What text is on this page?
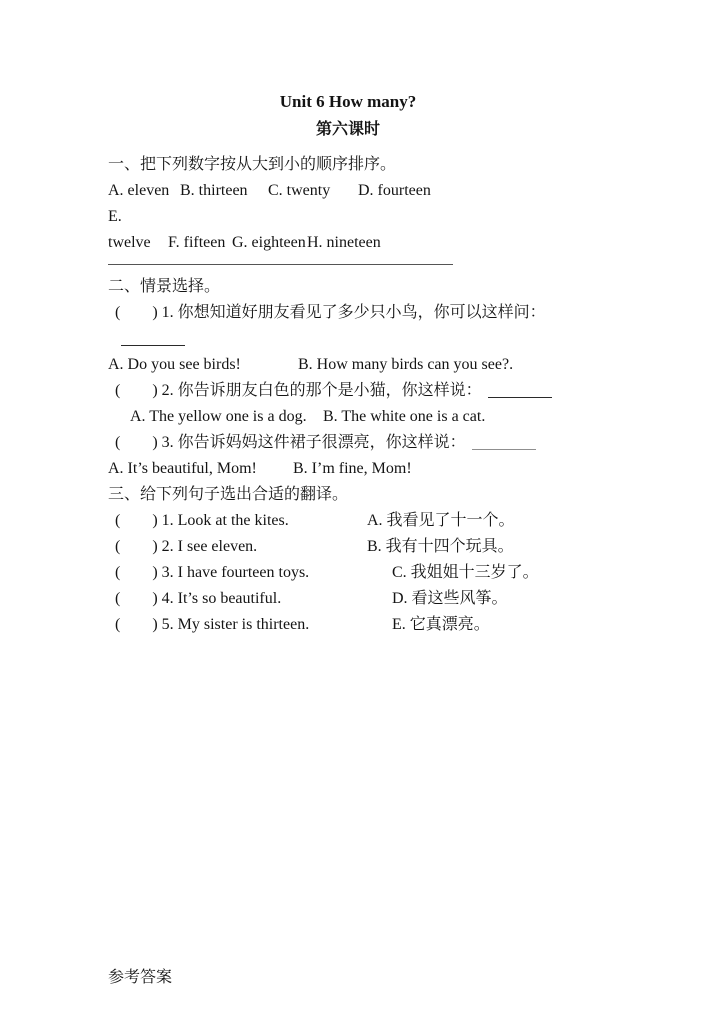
Unit 6 How many?
第六课时

一、把下列数字按从大到小的顺序排序。

A. eleven B. thirteen C. twenty D. fourteen

E. twelve F. fifteen G. eighteenH. nineteen

二、情景选择。

(        ) 1. 你想知道好朋友看见了多少只小鸟，你可以这样问：

A. Do you see birds!	B. How many birds can you see?.

(        ) 2. 你告诉朋友白色的那个是小猫，你这样说：

A. The yellow one is a dog. B. The white one is a cat.

(        ) 3. 你告诉妈妈这件裙子很漂亮，你这样说：

A. It’s beautiful, Mom! B. I’m fine, Mom!

三、给下列句子选出合适的翻译。

(        ) 1. Look at the kites.	A. 我看见了十一个。

(        ) 2. I see eleven.	B. 我有十四个玩具。

(        ) 3. I have fourteen toys.	C. 我姐姐十三岁了。

(        ) 4. It’s so beautiful.	D. 看这些风筝。

(        ) 5. My sister is thirteen.	E. 它真漂亮。

参考答案
